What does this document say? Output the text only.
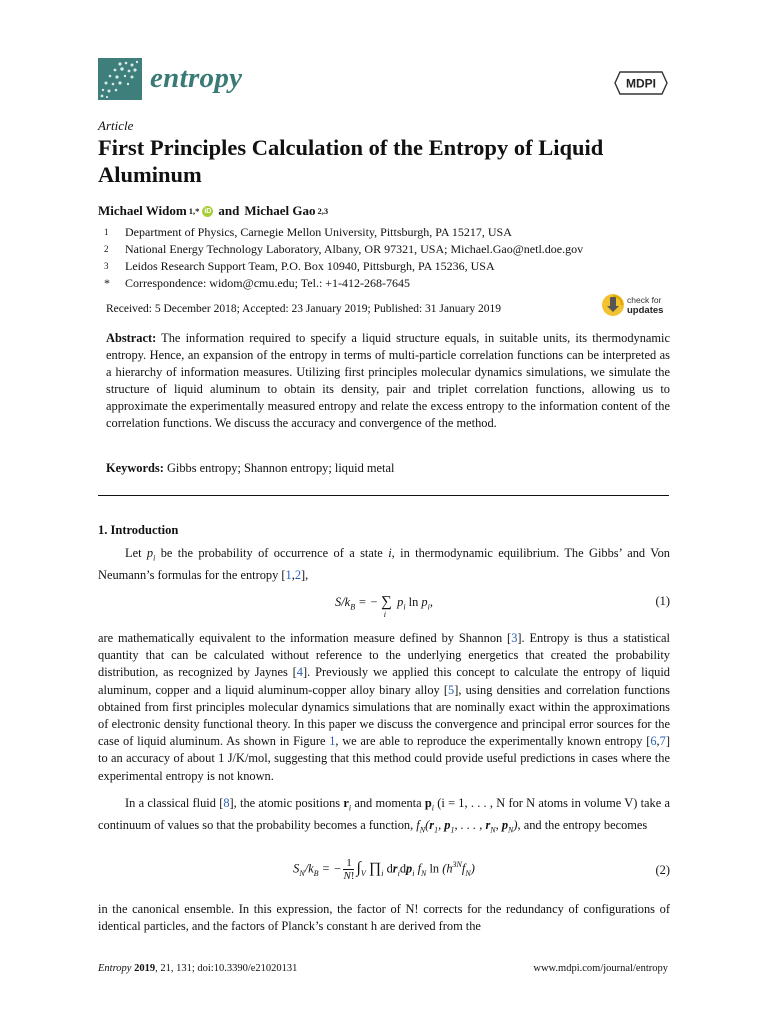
entropy	MDPI
Article
First Principles Calculation of the Entropy of Liquid Aluminum
Michael Widom 1,* iD and Michael Gao 2,3
1	Department of Physics, Carnegie Mellon University, Pittsburgh, PA 15217, USA
2	National Energy Technology Laboratory, Albany, OR 97321, USA; Michael.Gao@netl.doe.gov
3	Leidos Research Support Team, P.O. Box 10940, Pittsburgh, PA 15236, USA
*	Correspondence: widom@cmu.edu; Tel.: +1-412-268-7645
Received: 5 December 2018; Accepted: 23 January 2019; Published: 31 January 2019
check for
updates
Abstract: The information required to specify a liquid structure equals, in suitable units, its thermodynamic entropy. Hence, an expansion of the entropy in terms of multi-particle correlation functions can be interpreted as a hierarchy of information measures. Utilizing first principles molecular dynamics simulations, we simulate the structure of liquid aluminum to obtain its density, pair and triplet correlation functions, allowing us to approximate the experimentally measured entropy and relate the excess entropy to the information content of the correlation functions. We discuss the accuracy and convergence of the method.
Keywords: Gibbs entropy; Shannon entropy; liquid metal
1. Introduction
Let $p_i$ be the probability of occurrence of a state i, in thermodynamic equilibrium. The Gibbs’ and Von Neumann’s formulas for the entropy [1,2],
$S/k_B$ = − $\sum_i$ $p_i$ $\ln p_i$,	(1)
are mathematically equivalent to the information measure defined by Shannon [3]. Entropy is thus a statistical quantity that can be calculated without reference to the underlying energetics that created the probability distribution, as recognized by Jaynes [4]. Previously we applied this concept to calculate the entropy of liquid aluminum, copper and a liquid aluminum-copper alloy binary alloy [5], using densities and correlation functions obtained from first principles molecular dynamics simulations that are nominally exact within the approximations of electronic density functional theory. In this paper we discuss the convergence and principal error sources for the case of liquid aluminum. As shown in Figure 1, we are able to reproduce the experimentally known entropy [6,7] to an accuracy of about 1 J/K/mol, suggesting that this method could provide useful predictions in cases where the experimental entropy is not known.
In a classical fluid [8], the atomic positions $r_i$ and momenta $p_i$ (i = 1, . . . , N for N atoms in volume V) take a continuum of values so that the probability becomes a function, $f_N(r_1$, $p_1$, . . . , $r_N$, $p_N$), and the entropy becomes
$S_N/k_B$ = − $\frac{1}{N!} \int_V$ $\prod_i$ $dr_idp_i$ $f_N$ $\ln (h^{3N}f_N)$	(2)
in the canonical ensemble. In this expression, the factor of N! corrects for the redundancy of configurations of identical particles, and the factors of Planck’s constant h are derived from the
Entropy 2019, 21, 131; doi:10.3390/e21020131	www.mdpi.com/journal/entropy
